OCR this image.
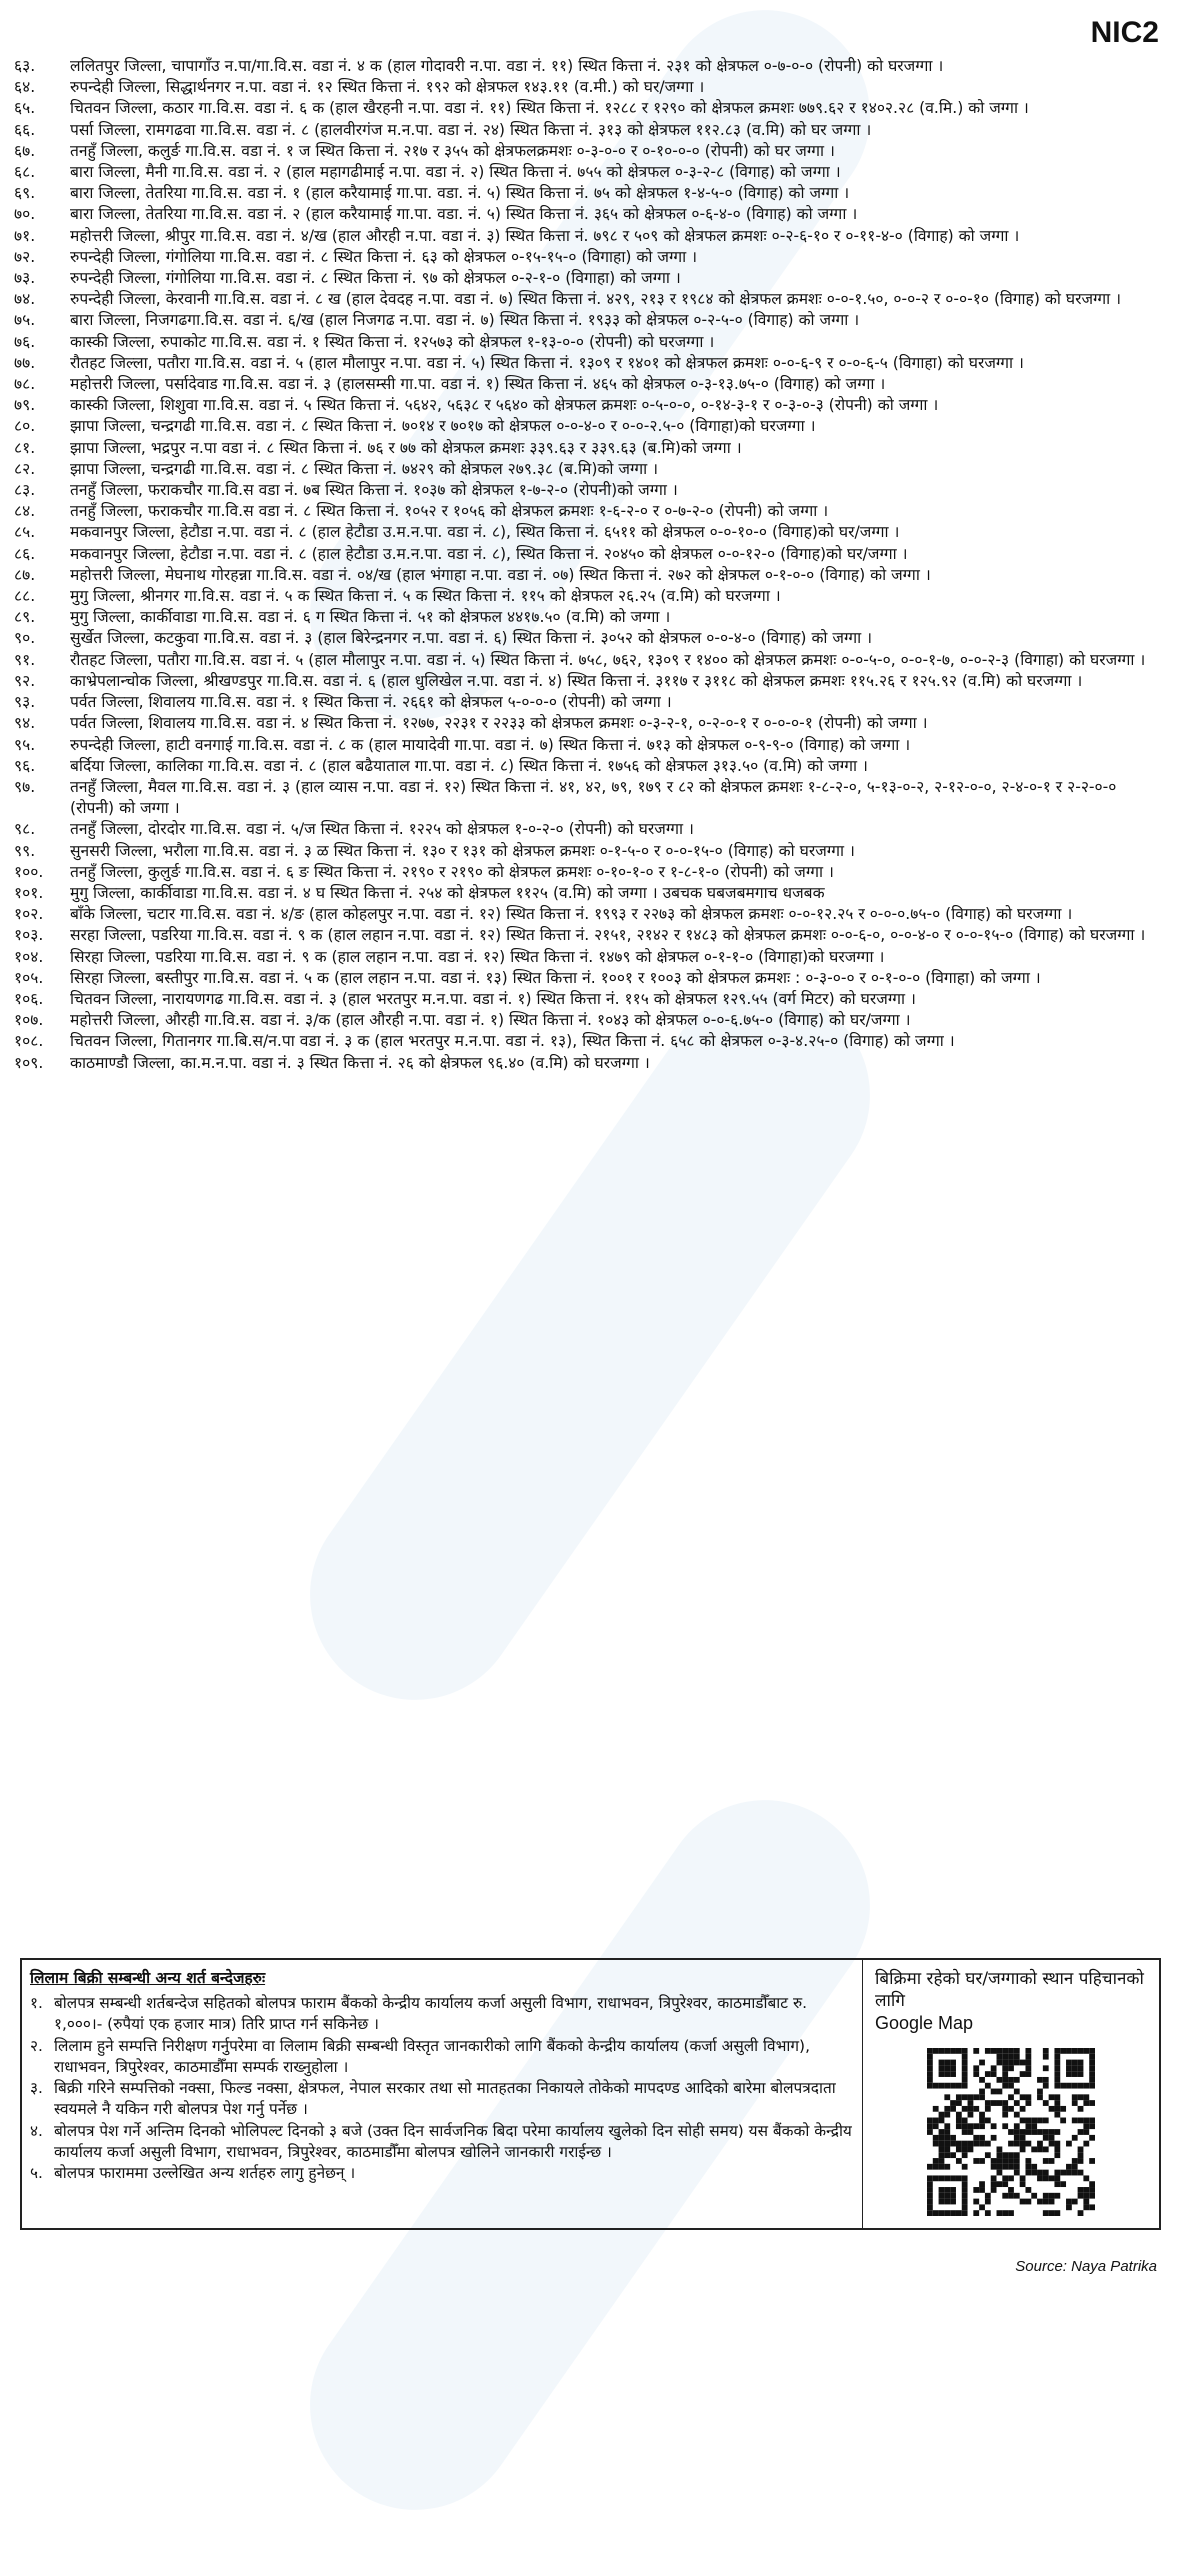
NIC2
६३.	ललितपुर जिल्ला, चापागाँउ न.पा/गा.वि.स. वडा नं. ४ क (हाल गोदावरी न.पा. वडा नं. ११) स्थित कित्ता नं. २३१ को क्षेत्रफल ०-७-०-० (रोपनी) को घरजग्गा ।
६४.	रुपन्देही जिल्ला, सिद्धार्थनगर न.पा. वडा नं. १२ स्थित कित्ता नं. १९२ को क्षेत्रफल १४३.११ (व.मी.) को घर/जग्गा ।
६५.	चितवन जिल्ला, कठार गा.वि.स. वडा नं. ६ क (हाल खैरहनी न.पा. वडा नं. ११) स्थित कित्ता नं. १२८८ र १२९० को क्षेत्रफल क्रमशः ७७९.६२ र १४०२.२८ (व.मि.) को जग्गा ।
६६.	पर्सा जिल्ला, रामगढवा गा.वि.स. वडा नं. ८ (हालवीरगंज म.न.पा. वडा नं. २४) स्थित कित्ता नं. ३१३ को क्षेत्रफल ११२.८३ (व.मि) को घर जग्गा ।
६७.	तनहुँ जिल्ला, कलुर्ङ गा.वि.स. वडा नं. १ ज स्थित कित्ता नं. २१७ र ३५५ को क्षेत्रफलक्रमशः ०-३-०-० र ०-१०-०-० (रोपनी) को घर जग्गा ।
६८.	बारा जिल्ला, मैनी गा.वि.स. वडा नं. २ (हाल महागढीमाई न.पा. वडा नं. २) स्थित कित्ता नं. ७५५ को क्षेत्रफल ०-३-२-८ (विगाह) को जग्गा ।
६९.	बारा जिल्ला, तेतरिया गा.वि.स. वडा नं. १ (हाल करैयामाई गा.पा. वडा. नं. ५) स्थित कित्ता नं. ७५ को क्षेत्रफल १-४-५-० (विगाह) को जग्गा ।
७०.	बारा जिल्ला, तेतरिया गा.वि.स. वडा नं. २ (हाल करैयामाई गा.पा. वडा. नं. ५) स्थित कित्ता नं. ३६५ को क्षेत्रफल ०-६-४-० (विगाह) को जग्गा ।
७१.	महोत्तरी जिल्ला, श्रीपुर गा.वि.स. वडा नं. ४/ख (हाल औरही न.पा. वडा नं. ३) स्थित कित्ता नं. ७९८ र ५०९ को क्षेत्रफल क्रमशः ०-२-६-१० र ०-११-४-० (विगाह) को जग्गा ।
७२.	रुपन्देही जिल्ला, गंगोलिया गा.वि.स. वडा नं. ८ स्थित कित्ता नं. ६३ को क्षेत्रफल ०-१५-१५-० (विगाहा) को जग्गा ।
७३.	रुपन्देही जिल्ला, गंगोलिया गा.वि.स. वडा नं. ८ स्थित कित्ता नं. ९७ को क्षेत्रफल ०-२-१-० (विगाहा) को जग्गा ।
७४.	रुपन्देही जिल्ला, केरवानी गा.वि.स. वडा नं. ८ ख (हाल देवदह न.पा. वडा नं. ७) स्थित कित्ता नं. ४२९, २१३ र १९८४ को क्षेत्रफल क्रमशः ०-०-१.५०, ०-०-२ र ०-०-१० (विगाह) को घरजग्गा ।
७५.	बारा जिल्ला, निजगढगा.वि.स. वडा नं. ६/ख (हाल निजगढ न.पा. वडा नं. ७) स्थित कित्ता नं. १९३३ को क्षेत्रफल ०-२-५-० (विगाह) को जग्गा ।
७६.	कास्की जिल्ला, रुपाकोट गा.वि.स. वडा नं. १ स्थित कित्ता नं. १२५७३ को क्षेत्रफल १-१३-०-० (रोपनी) को घरजग्गा ।
७७.	रौतहट जिल्ला, पतौरा गा.वि.स. वडा नं. ५ (हाल मौलापुर न.पा. वडा नं. ५) स्थित कित्ता नं. १३०९ र १४०१ को क्षेत्रफल क्रमशः ०-०-६-९ र ०-०-६-५ (विगाहा) को घरजग्गा ।
७८.	महोत्तरी जिल्ला, पर्सादेवाड गा.वि.स. वडा नं. ३ (हालसम्सी गा.पा. वडा नं. १) स्थित कित्ता नं. ४६५ को क्षेत्रफल ०-३-१३.७५-० (विगाह) को जग्गा ।
७९.	कास्की जिल्ला, शिशुवा गा.वि.स. वडा नं. ५ स्थित कित्ता नं. ५६४२, ५६३८ र ५६४० को क्षेत्रफल क्रमशः ०-५-०-०, ०-१४-३-१ र ०-३-०-३ (रोपनी) को जग्गा ।
८०.	झापा जिल्ला, चन्द्रगढी गा.वि.स. वडा नं. ८ स्थित कित्ता नं. ७०१४ र ७०१७ को क्षेत्रफल ०-०-४-० र ०-०-२.५-० (विगाहा)को घरजग्गा ।
८१.	झापा जिल्ला, भद्रपुर न.पा वडा नं. ८ स्थित कित्ता नं. ७६ र ७७ को क्षेत्रफल क्रमशः ३३९.६३ र ३३९.६३ (ब.मि)को जग्गा ।
८२.	झापा जिल्ला, चन्द्रगढी गा.वि.स. वडा नं. ८ स्थित कित्ता नं. ७४२९ को क्षेत्रफल २७९.३८ (ब.मि)को जग्गा ।
८३.	तनहुँ जिल्ला, फराकचौर गा.वि.स वडा नं. ७ब स्थित कित्ता नं. १०३७ को क्षेत्रफल १-७-२-० (रोपनी)को जग्गा ।
८४.	तनहुँ जिल्ला, फराकचौर गा.वि.स वडा नं. ८ स्थित कित्ता नं. १०५२ र १०५६ को क्षेत्रफल क्रमशः १-६-२-० र ०-७-२-० (रोपनी) को जग्गा ।
८५.	मकवानपुर जिल्ला, हेटौडा न.पा. वडा नं. ८ (हाल हेटौडा उ.म.न.पा. वडा नं. ८), स्थित कित्ता नं. ६५११ को क्षेत्रफल ०-०-१०-० (विगाह)को घर/जग्गा ।
८६.	मकवानपुर जिल्ला, हेटौडा न.पा. वडा नं. ८ (हाल हेटौडा उ.म.न.पा. वडा नं. ८), स्थित कित्ता नं. २०४५० को क्षेत्रफल ०-०-१२-० (विगाह)को घर/जग्गा ।
८७.	महोत्तरी जिल्ला, मेघनाथ गोरहन्ना गा.वि.स. वडा नं. ०४/ख (हाल भंगाहा न.पा. वडा नं. ०७) स्थित कित्ता नं. २७२ को क्षेत्रफल ०-१-०-० (विगाह) को जग्गा ।
८८.	मुगु जिल्ला, श्रीनगर गा.वि.स. वडा नं. ५ क स्थित कित्ता नं. ५ क स्थित कित्ता नं. ११५ को क्षेत्रफल २६.२५ (व.मि) को घरजग्गा ।
८९.	मुगु जिल्ला, कार्कीवाडा गा.वि.स. वडा नं. ६ ग स्थित कित्ता नं. ५१ को क्षेत्रफल ४४१७.५० (व.मि) को जग्गा ।
९०.	सुर्खेत जिल्ला, कटकुवा गा.वि.स. वडा नं. ३ (हाल बिरेन्द्रनगर न.पा. वडा नं. ६) स्थित कित्ता नं. ३०५२ को क्षेत्रफल ०-०-४-० (विगाह) को जग्गा ।
९१.	रौतहट जिल्ला, पतौरा गा.वि.स. वडा नं. ५ (हाल मौलापुर न.पा. वडा नं. ५) स्थित कित्ता नं. ७५८, ७६२, १३०९ र १४०० को क्षेत्रफल क्रमशः ०-०-५-०, ०-०-१-७, ०-०-२-३ (विगाहा) को घरजग्गा ।
९२.	काभ्रेपलान्चोक जिल्ला, श्रीखण्डपुर गा.वि.स. वडा नं. ६ (हाल धुलिखेल न.पा. वडा नं. ४) स्थित कित्ता नं. ३११७ र ३११८ को क्षेत्रफल क्रमशः ११५.२६ र १२५.९२ (व.मि) को घरजग्गा ।
९३.	पर्वत जिल्ला, शिवालय गा.वि.स. वडा नं. १ स्थित कित्ता नं. २६६१ को क्षेत्रफल ५-०-०-० (रोपनी) को जग्गा ।
९४.	पर्वत जिल्ला, शिवालय गा.वि.स. वडा नं. ४ स्थित कित्ता नं. १२७७, २२३१ र २२३३ को क्षेत्रफल क्रमशः ०-३-२-१, ०-२-०-१ र ०-०-०-१ (रोपनी) को जग्गा ।
९५.	रुपन्देही जिल्ला, हाटी वनगाई गा.वि.स. वडा नं. ८ क (हाल मायादेवी गा.पा. वडा नं. ७) स्थित कित्ता नं. ७१३ को क्षेत्रफल ०-९-९-० (विगाह) को जग्गा ।
९६.	बर्दिया जिल्ला, कालिका गा.वि.स. वडा नं. ८ (हाल बढैयाताल गा.पा. वडा नं. ८) स्थित कित्ता नं. १७५६ को क्षेत्रफल ३१३.५० (व.मि) को जग्गा ।
९७.	तनहुँ जिल्ला, मैवल गा.वि.स. वडा नं. ३ (हाल व्यास न.पा. वडा नं. १२) स्थित कित्ता नं. ४१, ४२, ७९, १७९ र ८२ को क्षेत्रफल क्रमशः १-८-२-०, ५-१३-०-२, २-१२-०-०, २-४-०-१ र २-२-०-० (रोपनी) को जग्गा ।
९८.	तनहुँ जिल्ला, दोरदोर गा.वि.स. वडा नं. ५/ज स्थित कित्ता नं. १२२५ को क्षेत्रफल १-०-२-० (रोपनी) को घरजग्गा ।
९९.	सुनसरी जिल्ला, भरौला गा.वि.स. वडा नं. ३ ळ स्थित कित्ता नं. १३० र १३१ को क्षेत्रफल क्रमशः ०-१-५-० र ०-०-१५-० (विगाह) को घरजग्गा ।
१००.	तनहुँ जिल्ला, कुलुर्ङ गा.वि.स. वडा नं. ६ ङ स्थित कित्ता नं. २१९० र २१९० को क्षेत्रफल क्रमशः ०-१०-१-० र १-८-१-० (रोपनी) को जग्गा ।
१०१.	मुगु जिल्ला, कार्कीवाडा गा.वि.स. वडा नं. ४ घ स्थित कित्ता नं. २५४ को क्षेत्रफल ११२५ (व.मि) को जग्गा । उबचक घबजबमगाच धजबक
१०२.	बाँके जिल्ला, चटार गा.वि.स. वडा नं. ४/ङ (हाल कोहलपुर न.पा. वडा नं. १२) स्थित कित्ता नं. १९९३ र २२७३ को क्षेत्रफल क्रमशः ०-०-१२.२५ र ०-०-०.७५-० (विगाह) को घरजग्गा ।
१०३.	सरहा जिल्ला, पडरिया गा.वि.स. वडा नं. ९ क (हाल लहान न.पा. वडा नं. १२) स्थित कित्ता नं. २१५१, २१४२ र १४८३ को क्षेत्रफल क्रमशः ०-०-६-०, ०-०-४-० र ०-०-१५-० (विगाह) को घरजग्गा ।
१०४.	सिरहा जिल्ला, पडरिया गा.वि.स. वडा नं. ९ क (हाल लहान न.पा. वडा नं. १२) स्थित कित्ता नं. १४७९ को क्षेत्रफल ०-१-१-० (विगाहा)को घरजग्गा ।
१०५.	सिरहा जिल्ला, बस्तीपुर गा.वि.स. वडा नं. ५ क (हाल लहान न.पा. वडा नं. १३) स्थित कित्ता नं. १००१ र १००३ को क्षेत्रफल क्रमशः : ०-३-०-० र ०-१-०-० (विगाहा) को जग्गा ।
१०६.	चितवन जिल्ला, नारायणगढ गा.वि.स. वडा नं. ३ (हाल भरतपुर म.न.पा. वडा नं. १) स्थित कित्ता नं. ११५ को क्षेत्रफल १२९.५५ (वर्ग मिटर) को घरजग्गा ।
१०७.	महोत्तरी जिल्ला, औरही गा.वि.स. वडा नं. ३/क (हाल औरही न.पा. वडा नं. १) स्थित कित्ता नं. १०४३ को क्षेत्रफल ०-०-६.७५-० (विगाह) को घर/जग्गा ।
१०८.	चितवन जिल्ला, गितानगर गा.बि.स/न.पा वडा नं. ३ क (हाल भरतपुर म.न.पा. वडा नं. १३), स्थित कित्ता नं. ६५८ को क्षेत्रफल ०-३-४.२५-० (विगाह) को जग्गा ।
१०९.	काठमाण्डौ जिल्ला, का.म.न.पा. वडा नं. ३ स्थित कित्ता नं. २६ को क्षेत्रफल ९६.४० (व.मि) को घरजग्गा ।
लिलाम बिक्री सम्बन्धी अन्य शर्त बन्देजहरुः
१. बोलपत्र सम्बन्धी शर्तबन्देज सहितको बोलपत्र फाराम बैंकको केन्द्रीय कार्यालय कर्जा असुली विभाग, राधाभवन, त्रिपुरेश्वर, काठमाडौँबाट रु. १,०००।- (रुपैयां एक हजार मात्र) तिरि प्राप्त गर्न सकिनेछ ।
२. लिलाम हुने सम्पत्ति निरीक्षण गर्नुपरेमा वा लिलाम बिक्री सम्बन्धी विस्तृत जानकारीको लागि बैंकको केन्द्रीय कार्यालय (कर्जा असुली विभाग), राधाभवन, त्रिपुरेश्वर, काठमाडौँमा सम्पर्क राख्नुहोला ।
३. बिक्री गरिने सम्पत्तिको नक्सा, फिल्ड नक्सा, क्षेत्रफल, नेपाल सरकार तथा सो मातहतका निकायले तोकेको मापदण्ड आदिको बारेमा बोलपत्रदाता स्वयमले नै यकिन गरी बोलपत्र पेश गर्नु पर्नेछ ।
४. बोलपत्र पेश गर्ने अन्तिम दिनको भोलिपल्ट दिनको ३ बजे (उक्त दिन सार्वजनिक बिदा परेमा कार्यालय खुलेको दिन सोही समय) यस बैंकको केन्द्रीय कार्यालय कर्जा असुली विभाग, राधाभवन, त्रिपुरेश्वर, काठमाडौँमा बोलपत्र खोलिने जानकारी गराईन्छ ।
५. बोलपत्र फाराममा उल्लेखित अन्य शर्तहरु लागु हुनेछन् ।
बिक्रिमा रहेको घर/जग्गाको स्थान पहिचानको लागि
Google Map
Source: Naya Patrika
